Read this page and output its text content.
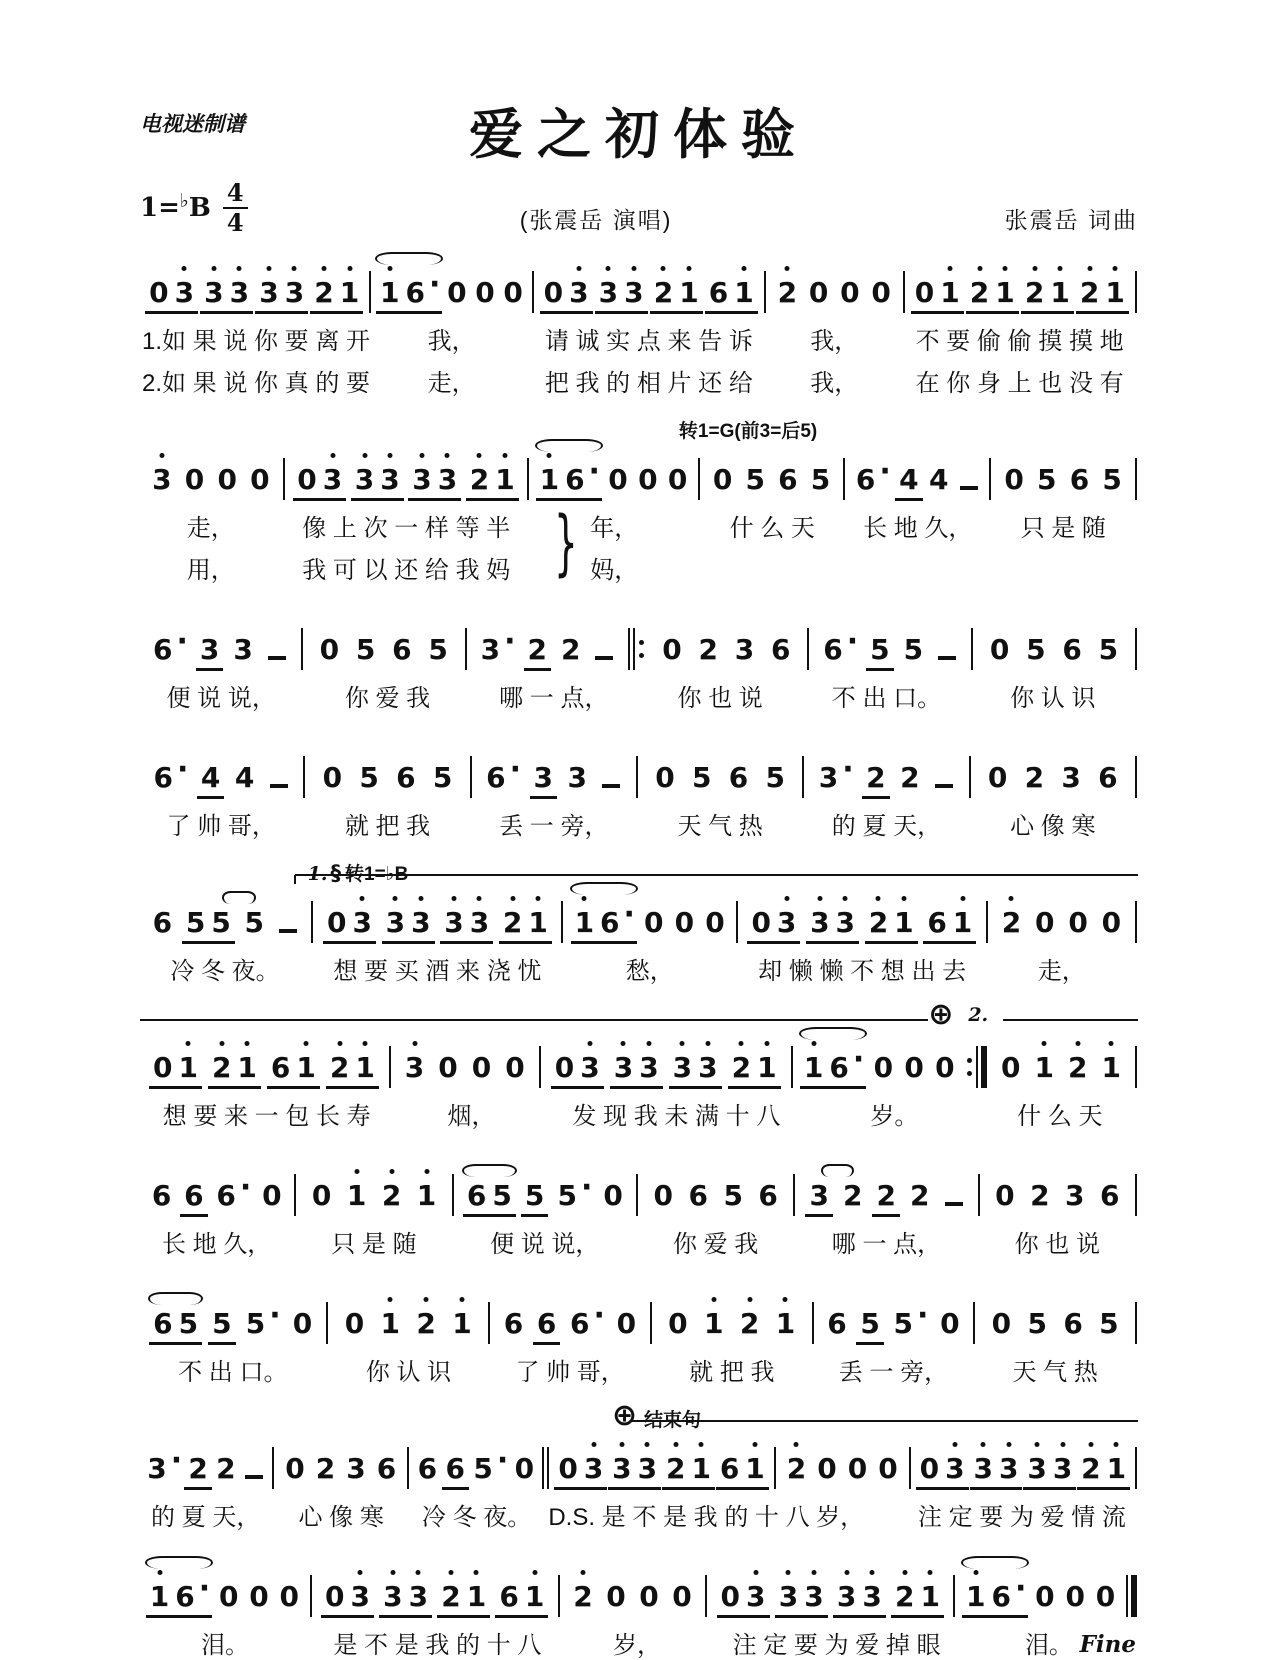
电视迷制谱	爱之初体验
1=♭ B $\frac{4}{4}$	(张震岳 演唱)	张震岳 词曲
0 3 3 3 3 3 2 1 1 6 · 0 0 0 0 3 3 3 2 1 6 1 2 0 0 0 0 1 2 1 2 1 2 1
1.如 果 说 你 要 离 开	我，	请 诚 实 点 来 告 诉	我，	不 要 偷 偷 摸 摸 地
2.如 果 说 你 真 的 要	走，	把 我 的 相 片 还 给	我，	在 你 身 上 也 没 有
转1=G(前3=后5)
3 0 0 0 0 3 3 3 3 3 2 1 1 6 · 0 0 0 0 5 6 5 6 · 4 4 0 5 6 5
走，	像 上 次 一 样 等 半	年，	什 么 天	长 地 久，	只 是 随
用，	我 可 以 还 给 我 妈	妈，
}
6 · 3 3 0 5 6 5 3 · 2 2	0 2 3 6 6 · 5 5 0 5 6 5
便 说 说，	你 爱 我	哪 一 点，	你 也 说	不 出 口。	你 认 识
6 · 4 4 0 5 6 5 6 · 3 3 0 5 6 5 3 · 2 2 0 2 3 6
了 帅 哥，	就 把 我	丢 一 旁，	天 气 热	的 夏 天，	心 像 寒
1. § 转1=♭B
6 5 5 5 0 3 3 3 3 3 2 1 1 6 · 0 0 0 0 3 3 3 2 1 6 1 2 0 0 0
冷 冬 夜。	想 要 买 酒 来 浇 忧	愁，	却 懒 懒 不 想 出 去	走，
⊕ 2.
0 1 2 1 6 1 2 1 3 0 0 0 0 3 3 3 3 3 2 1 1 6 · 0 0 0 0 1 2 1
想 要 来 一 包 长 寿	烟，	发 现 我 未 满 十 八	岁。	什 么 天
6 6 6 · 0 0 1 2 1 6 5 5 5 · 0 0 6 5 6 3 2 2 2 0 2 3 6
长 地 久，	只 是 随	便 说 说，	你 爱 我	哪 一 点，	你 也 说
6 5 5 5 · 0 0 1 2 1 6 6 6 · 0 0 1 2 1 6 5 5 · 0 0 5 6 5
不 出 口。	你 认 识	了 帅 哥，	就 把 我	丢 一 旁，	天 气 热
⊕ 结束句
3 · 2 2 0 2 3 6 6 6 5 · 0 0 3 3 3 2 1 6 1 2 0 0 0 0 3 3 3 3 3 2 1
的 夏 天，	心 像 寒	冷 冬 夜。 D.S. 是 不 是 我 的 十 八 岁，	注 定 要 为 爱 情 流
1 6 · 0 0 0 0 3 3 3 2 1 6 1 2 0 0 0 0 3 3 3 3 3 2 1 1 6 · 0 0 0
泪。	是 不 是 我 的 十 八	岁，	注 定 要 为 爱 掉 眼	泪。 Fine
